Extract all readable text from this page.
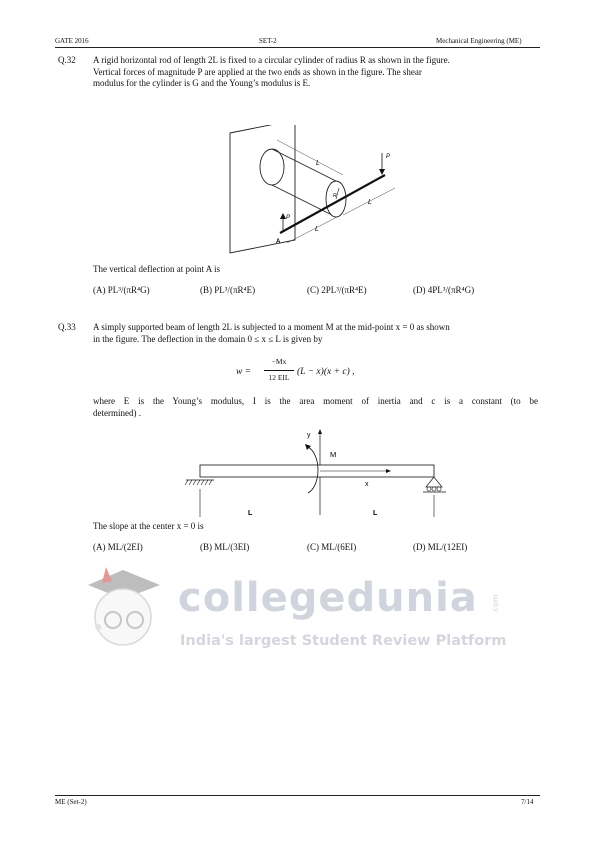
GATE 2016	SET-2	Mechanical Engineering (ME)
Q.32 A rigid horizontal rod of length 2L is fixed to a circular cylinder of radius R as shown in the figure.
Vertical forces of magnitude P are applied at the two ends as shown in the figure. The shear
modulus for the cylinder is G and the Young’s modulus is E.
L
P
R
L
P
L
A
The vertical deflection at point A is
(A) PL³/(πR⁴G)	(B) PL³/(πR⁴E)	(C) 2PL³/(πR⁴E)	(D) 4PL³/(πR⁴G)
Q.33 A simply supported beam of length 2L is subjected to a moment M at the mid-point x = 0 as shown
in the figure. The deflection in the domain 0 ≤ x ≤ L is given by
w =
−Mx
12 EIL
(L − x)(x + c) ,
where E is the Young’s modulus, I is the area moment of inertia and c is a constant (to be
determined) .
y
M
x
L	L
The slope at the center x = 0 is
(A) ML/(2EI)	(B) ML/(3EI)	(C) ML/(6EI)	(D) ML/(12EI)
collegedunia .com
India's largest Student Review Platform
ME (Set-2)	7/14
